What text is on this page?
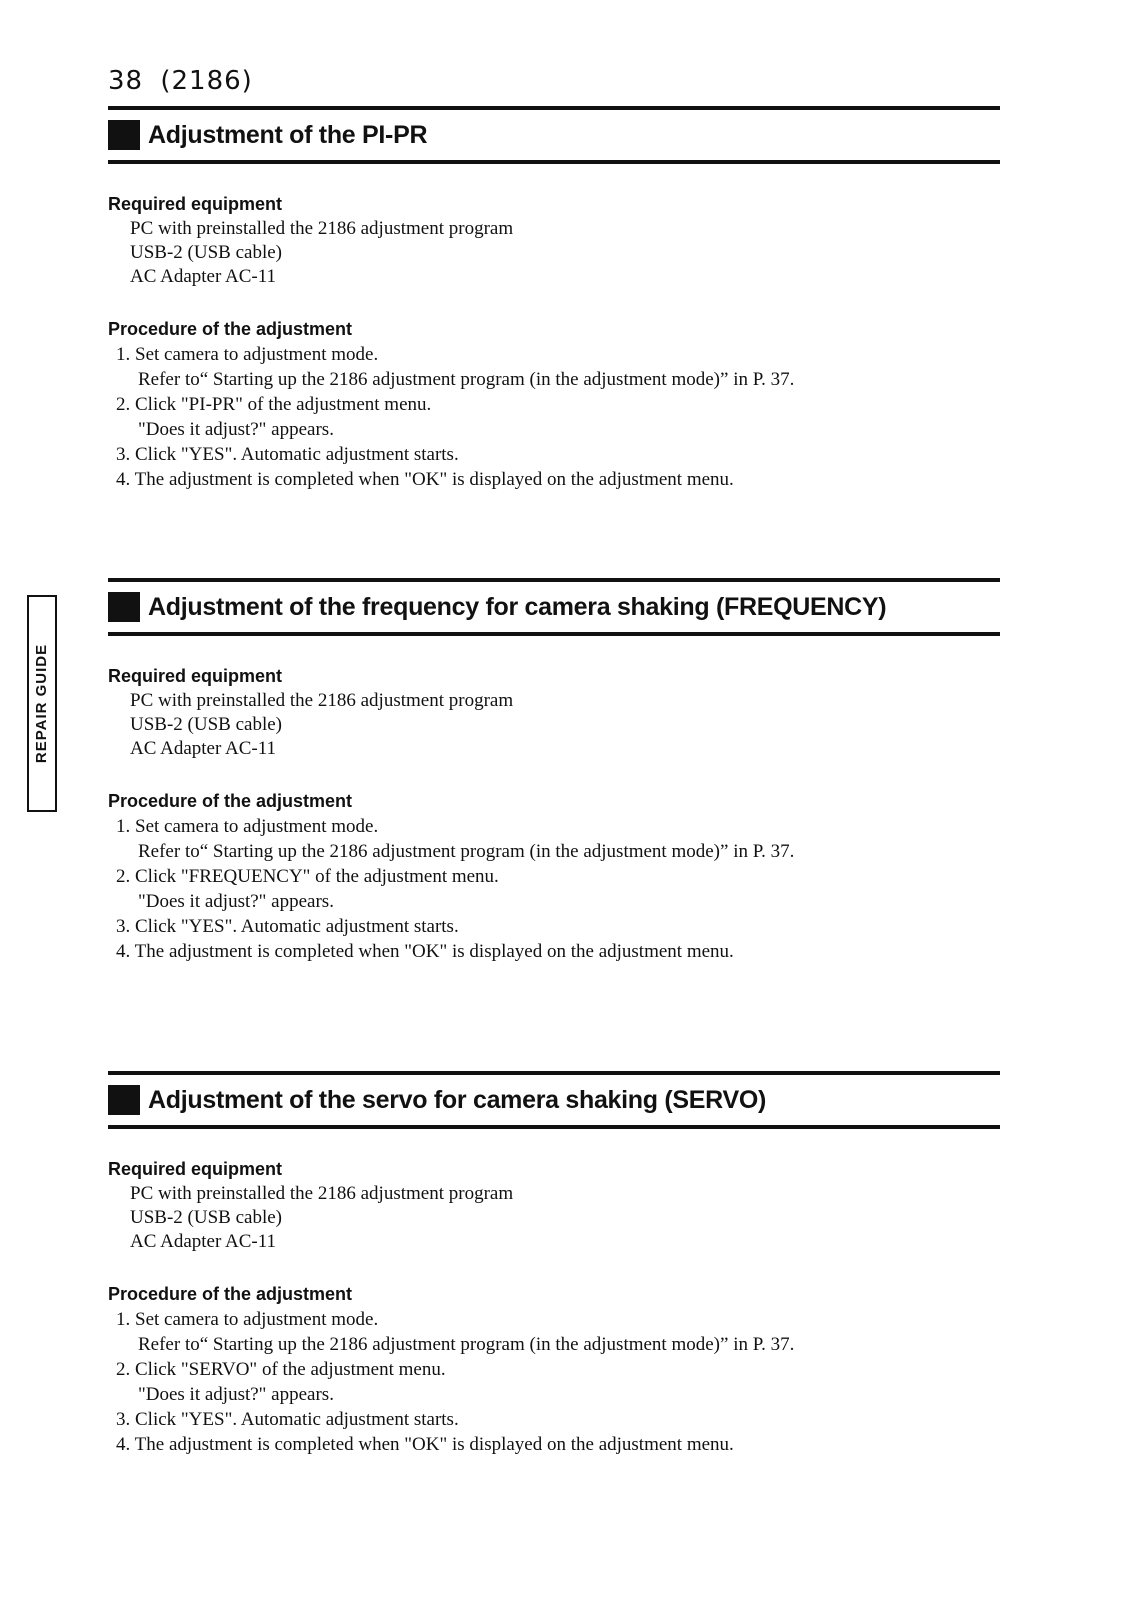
38 (2186)
REPAIR GUIDE
Adjustment of the PI-PR
Required equipment
PC with preinstalled the 2186 adjustment program
USB-2 (USB cable)
AC Adapter AC-11
Procedure of the adjustment
1. Set camera to adjustment mode.
Refer to“ Starting up the 2186 adjustment program (in the adjustment mode)” in P. 37.
2. Click "PI-PR" of the adjustment menu.
"Does it adjust?" appears.
3. Click "YES". Automatic adjustment starts.
4. The adjustment is completed when "OK" is displayed on the adjustment menu.
Adjustment of the frequency for camera shaking (FREQUENCY)
Required equipment
PC with preinstalled the 2186 adjustment program
USB-2 (USB cable)
AC Adapter AC-11
Procedure of the adjustment
1. Set camera to adjustment mode.
Refer to“ Starting up the 2186 adjustment program (in the adjustment mode)” in P. 37.
2. Click "FREQUENCY" of the adjustment menu.
"Does it adjust?" appears.
3. Click "YES". Automatic adjustment starts.
4. The adjustment is completed when "OK" is displayed on the adjustment menu.
Adjustment of the servo for camera shaking (SERVO)
Required equipment
PC with preinstalled the 2186 adjustment program
USB-2 (USB cable)
AC Adapter AC-11
Procedure of the adjustment
1. Set camera to adjustment mode.
Refer to“ Starting up the 2186 adjustment program (in the adjustment mode)” in P. 37.
2. Click "SERVO" of the adjustment menu.
"Does it adjust?" appears.
3. Click "YES". Automatic adjustment starts.
4. The adjustment is completed when "OK" is displayed on the adjustment menu.
